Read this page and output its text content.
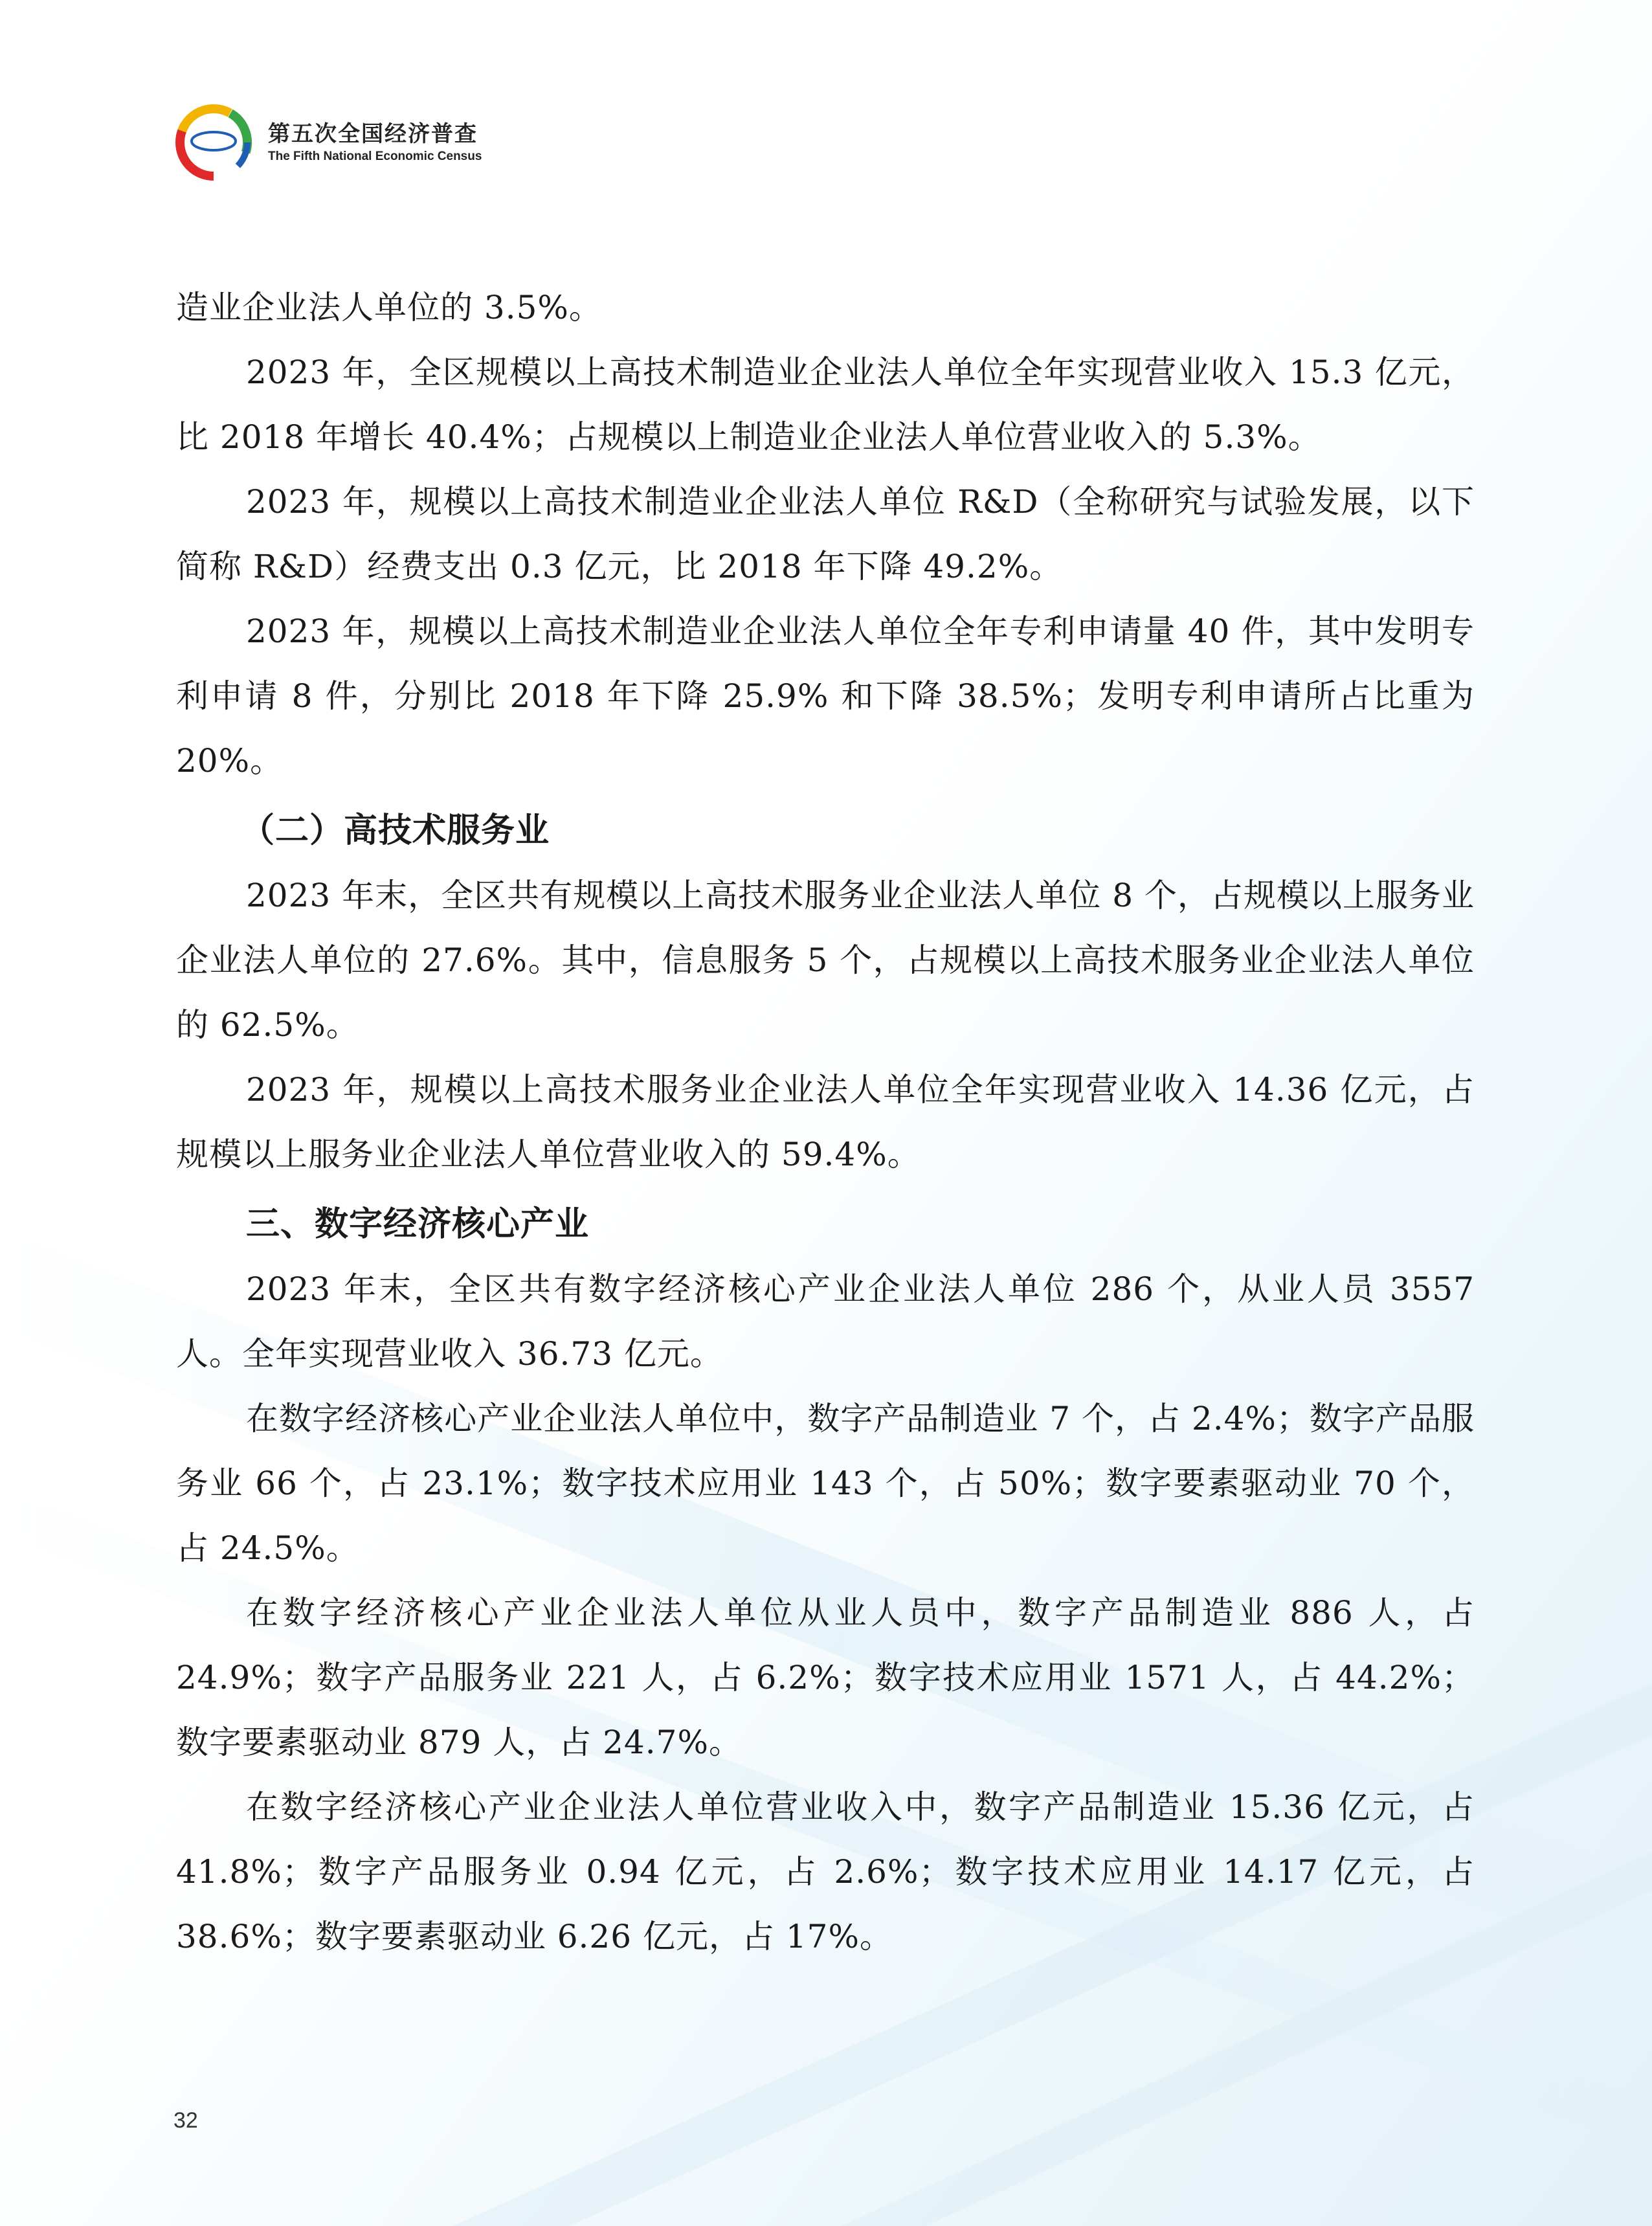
第五次全国经济普查
The Fifth National Economic Census

造业企业法人单位的 3.5%。

2023 年，全区规模以上高技术制造业企业法人单位全年实现营业收入 15.3 亿元，比 2018 年增长 40.4%；占规模以上制造业企业法人单位营业收入的 5.3%。

2023 年，规模以上高技术制造业企业法人单位 R&D（全称研究与试验发展，以下简称 R&D）经费支出 0.3 亿元，比 2018 年下降 49.2%。

2023 年，规模以上高技术制造业企业法人单位全年专利申请量 40 件，其中发明专利申请 8 件，分别比 2018 年下降 25.9% 和下降 38.5%；发明专利申请所占比重为 20%。

（二）高技术服务业

2023 年末，全区共有规模以上高技术服务业企业法人单位 8 个，占规模以上服务业企业法人单位的 27.6%。其中，信息服务 5 个，占规模以上高技术服务业企业法人单位的 62.5%。

2023 年，规模以上高技术服务业企业法人单位全年实现营业收入 14.36 亿元，占规模以上服务业企业法人单位营业收入的 59.4%。

三、数字经济核心产业

2023 年末，全区共有数字经济核心产业企业法人单位 286 个，从业人员 3557 人。全年实现营业收入 36.73 亿元。

在数字经济核心产业企业法人单位中，数字产品制造业 7 个，占 2.4%；数字产品服务业 66 个，占 23.1%；数字技术应用业 143 个，占 50%；数字要素驱动业 70 个，占 24.5%。

在数字经济核心产业企业法人单位从业人员中，数字产品制造业 886 人，占 24.9%；数字产品服务业 221 人，占 6.2%；数字技术应用业 1571 人，占 44.2%；数字要素驱动业 879 人，占 24.7%。

在数字经济核心产业企业法人单位营业收入中，数字产品制造业 15.36 亿元，占 41.8%；数字产品服务业 0.94 亿元，占 2.6%；数字技术应用业 14.17 亿元，占 38.6%；数字要素驱动业 6.26 亿元，占 17%。

32
